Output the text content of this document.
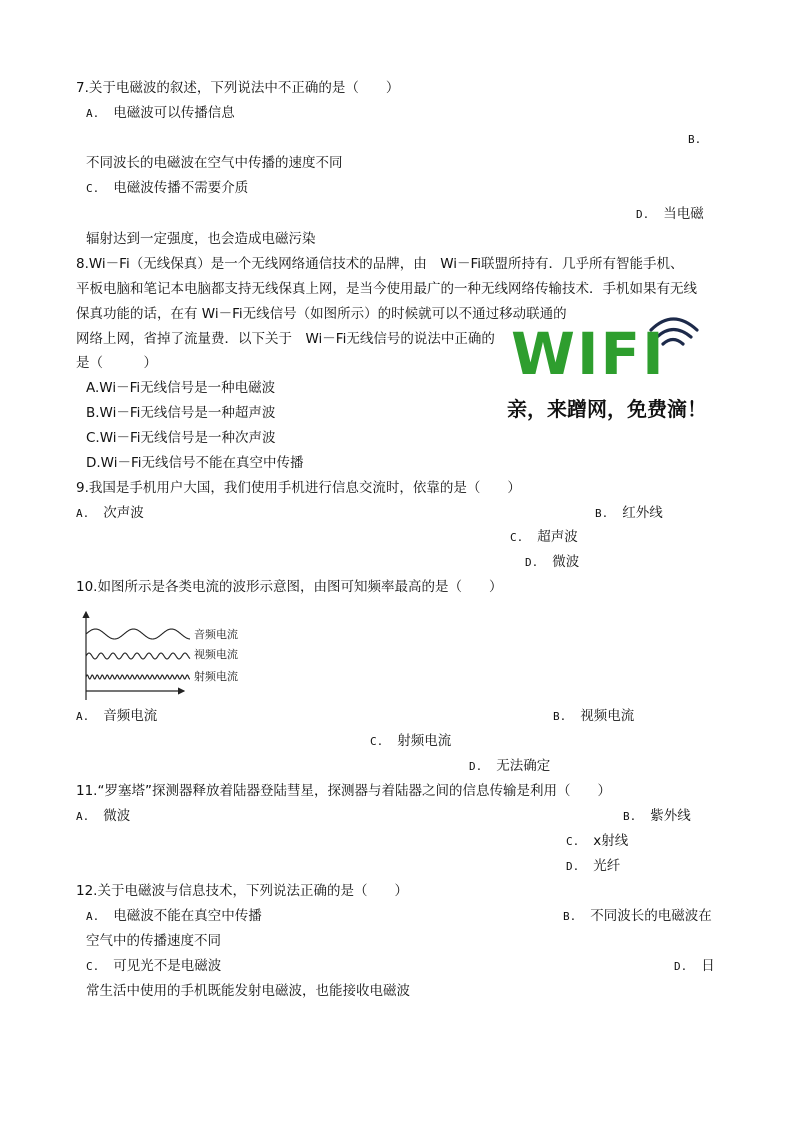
7.关于电磁波的叙述，下列说法中不正确的是（　　）
A. 电磁波可以传播信息
B.
不同波长的电磁波在空气中传播的速度不同
C. 电磁波传播不需要介质
D. 当电磁
辐射达到一定强度，也会造成电磁污染
8.Wi－Fi（无线保真）是一个无线网络通信技术的品牌，由　Wi－Fi联盟所持有．几乎所有智能手机、
平板电脑和笔记本电脑都支持无线保真上网，是当今使用最广的一种无线网络传输技术．手机如果有无线
保真功能的话，在有 Wi－Fi无线信号（如图所示）的时候就可以不通过移动联通的
网络上网，省掉了流量费．以下关于　Wi－Fi无线信号的说法中正确的
是（　　　）
A.Wi－Fi无线信号是一种电磁波
B.Wi－Fi无线信号是一种超声波
C.Wi－Fi无线信号是一种次声波
D.Wi－Fi无线信号不能在真空中传播
WIFI
亲，来蹭网，免费滴！
9.我国是手机用户大国，我们使用手机进行信息交流时，依靠的是（　　）
A. 次声波	B. 红外线
C. 超声波
D. 微波
10.如图所示是各类电流的波形示意图，由图可知频率最高的是（　　）
音频电流
视频电流
射频电流
A. 音频电流	B. 视频电流
C. 射频电流
D. 无法确定
11.“罗塞塔”探测器释放着陆器登陆彗星，探测器与着陆器之间的信息传输是利用（　　）
A. 微波	B. 紫外线
C. x射线
D. 光纤
12.关于电磁波与信息技术，下列说法正确的是（　　）
A. 电磁波不能在真空中传播	B. 不同波长的电磁波在
空气中的传播速度不同
C. 可见光不是电磁波	D. 日
常生活中使用的手机既能发射电磁波，也能接收电磁波
